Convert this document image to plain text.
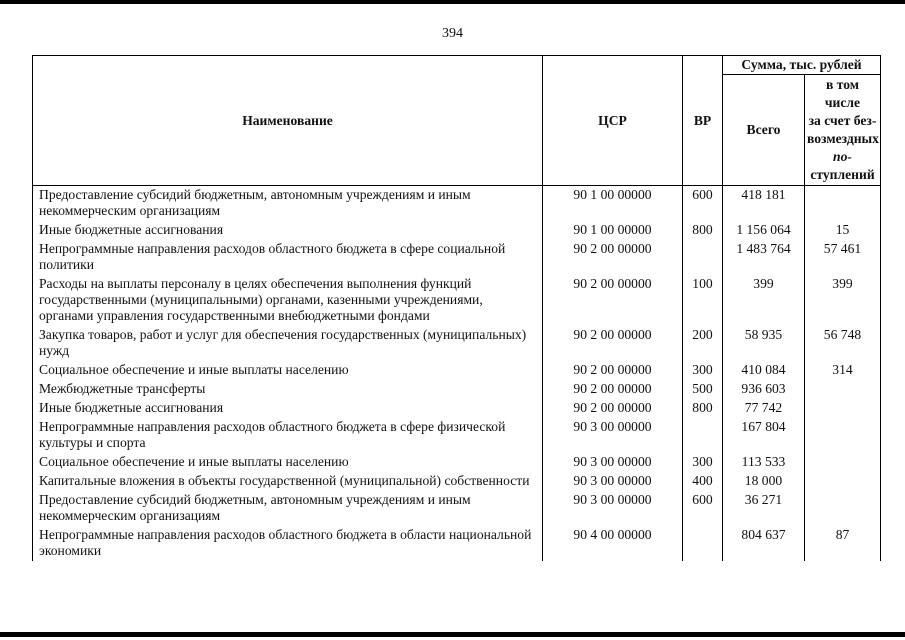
394
Наименование	ЦСР	ВР	Сумма, тыс. рублей	
			Всего	в том числе
за счет без-
возмездных
по-
ступлений
Предоставление субсидий бюджетным, автономным учреждениям и иным некоммерческим организациям	90 1 00 00000	600	418 181	
Иные бюджетные ассигнования	90 1 00 00000	800	1 156 064	15
Непрограммные направления расходов областного бюджета в сфере социальной политики	90 2 00 00000		1 483 764	57 461
Расходы на выплаты персоналу в целях обеспечения выполнения функций государственными (муниципальными) органами, казенными учреждениями, органами управления государственными внебюджетными фондами	90 2 00 00000	100	399	399
Закупка товаров, работ и услуг для обеспечения государственных (муниципальных) нужд	90 2 00 00000	200	58 935	56 748
Социальное обеспечение и иные выплаты населению	90 2 00 00000	300	410 084	314
Межбюджетные трансферты	90 2 00 00000	500	936 603	
Иные бюджетные ассигнования	90 2 00 00000	800	77 742	
Непрограммные направления расходов областного бюджета в сфере физической культуры и спорта	90 3 00 00000		167 804	
Социальное обеспечение и иные выплаты населению	90 3 00 00000	300	113 533	
Капитальные вложения в объекты государственной (муниципальной) собственности	90 3 00 00000	400	18 000	
Предоставление субсидий бюджетным, автономным учреждениям и иным некоммерческим организациям	90 3 00 00000	600	36 271	
Непрограммные направления расходов областного бюджета в области национальной экономики	90 4 00 00000		804 637	87
